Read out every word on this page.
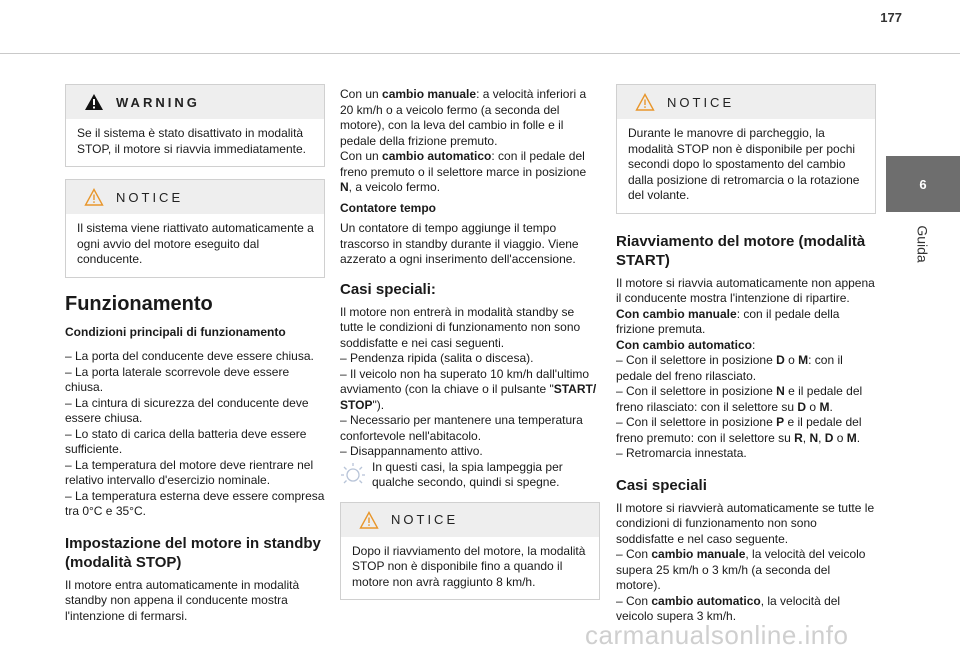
177
6
Guida
WARNING
Se il sistema è stato disattivato in modalità STOP, il motore si riavvia immediatamente.
NOTICE
Il sistema viene riattivato automaticamente a ogni avvio del motore eseguito dal conducente.
Funzionamento
Condizioni principali di funzionamento

– La porta del conducente deve essere chiusa.
– La porta laterale scorrevole deve essere chiusa.
– La cintura di sicurezza del conducente deve essere chiusa.
– Lo stato di carica della batteria deve essere sufficiente.
– La temperatura del motore deve rientrare nel relativo intervallo d'esercizio nominale.
– La temperatura esterna deve essere compresa tra 0°C e 35°C.

Impostazione del motore in standby (modalità STOP)

Il motore entra automaticamente in modalità standby non appena il conducente mostra l'intenzione di fermarsi.

Con un cambio manuale: a velocità inferiori a 20 km/h o a veicolo fermo (a seconda del motore), con la leva del cambio in folle e il pedale della frizione premuto.

Con un cambio automatico: con il pedale del freno premuto o il selettore marce in posizione N, a veicolo fermo.

Contatore tempo

Un contatore di tempo aggiunge il tempo trascorso in standby durante il viaggio. Viene azzerato a ogni inserimento dell'accensione.

Casi speciali:

Il motore non entrerà in modalità standby se tutte le condizioni di funzionamento non sono soddisfatte e nei casi seguenti.
– Pendenza ripida (salita o discesa).
– Il veicolo non ha superato 10 km/h dall'ultimo avviamento (con la chiave o il pulsante "START/ STOP").
– Necessario per mantenere una temperatura confortevole nell'abitacolo.
– Disappannamento attivo.

In questi casi, la spia lampeggia per qualche secondo, quindi si spegne.

NOTICE
Dopo il riavviamento del motore, la modalità STOP non è disponibile fino a quando il motore non avrà raggiunto 8 km/h.
NOTICE
Durante le manovre di parcheggio, la modalità STOP non è disponibile per pochi secondi dopo lo spostamento del cambio dalla posizione di retromarcia o la rotazione del volante.
Riavviamento del motore (modalità START)

Il motore si riavvia automaticamente non appena il conducente mostra l'intenzione di ripartire.
Con cambio manuale: con il pedale della frizione premuta.
Con cambio automatico:
– Con il selettore in posizione D o M: con il pedale del freno rilasciato.
– Con il selettore in posizione N e il pedale del freno rilasciato: con il selettore su D o M.
– Con il selettore in posizione P e il pedale del freno premuto: con il selettore su R, N, D o M.
– Retromarcia innestata.

Casi speciali

Il motore si riavvierà automaticamente se tutte le condizioni di funzionamento non sono soddisfatte e nel caso seguente.
– Con cambio manuale, la velocità del veicolo supera 25 km/h o 3 km/h (a seconda del motore).
– Con cambio automatico, la velocità del veicolo supera 3 km/h.

carmanualsonline.info
